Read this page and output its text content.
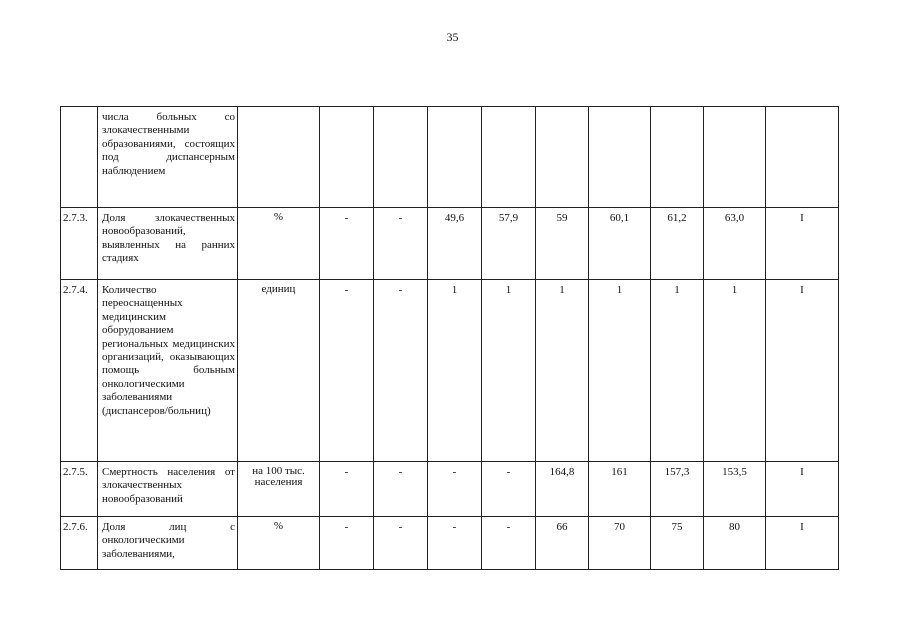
35
	числа больных со злокачественными образованиями, состоящих под диспансерным наблюдением										
2.7.3.	Доля злокачественных новообразований, выявленных на ранних стадиях	%	-	-	49,6	57,9	59	60,1	61,2	63,0	I
2.7.4.	Количество переоснащенных медицинским оборудованием региональных медицинских организаций, оказывающих помощь больным онкологическими заболеваниями (диспансеров/больниц)	единиц	-	-	1	1	1	1	1	1	I
2.7.5.	Смертность населения от злокачественных новообразований	на 100 тыс. населения	-	-	-	-	164,8	161	157,3	153,5	I
2.7.6.	Доля лиц с онкологическими заболеваниями,	%	-	-	-	-	66	70	75	80	I
